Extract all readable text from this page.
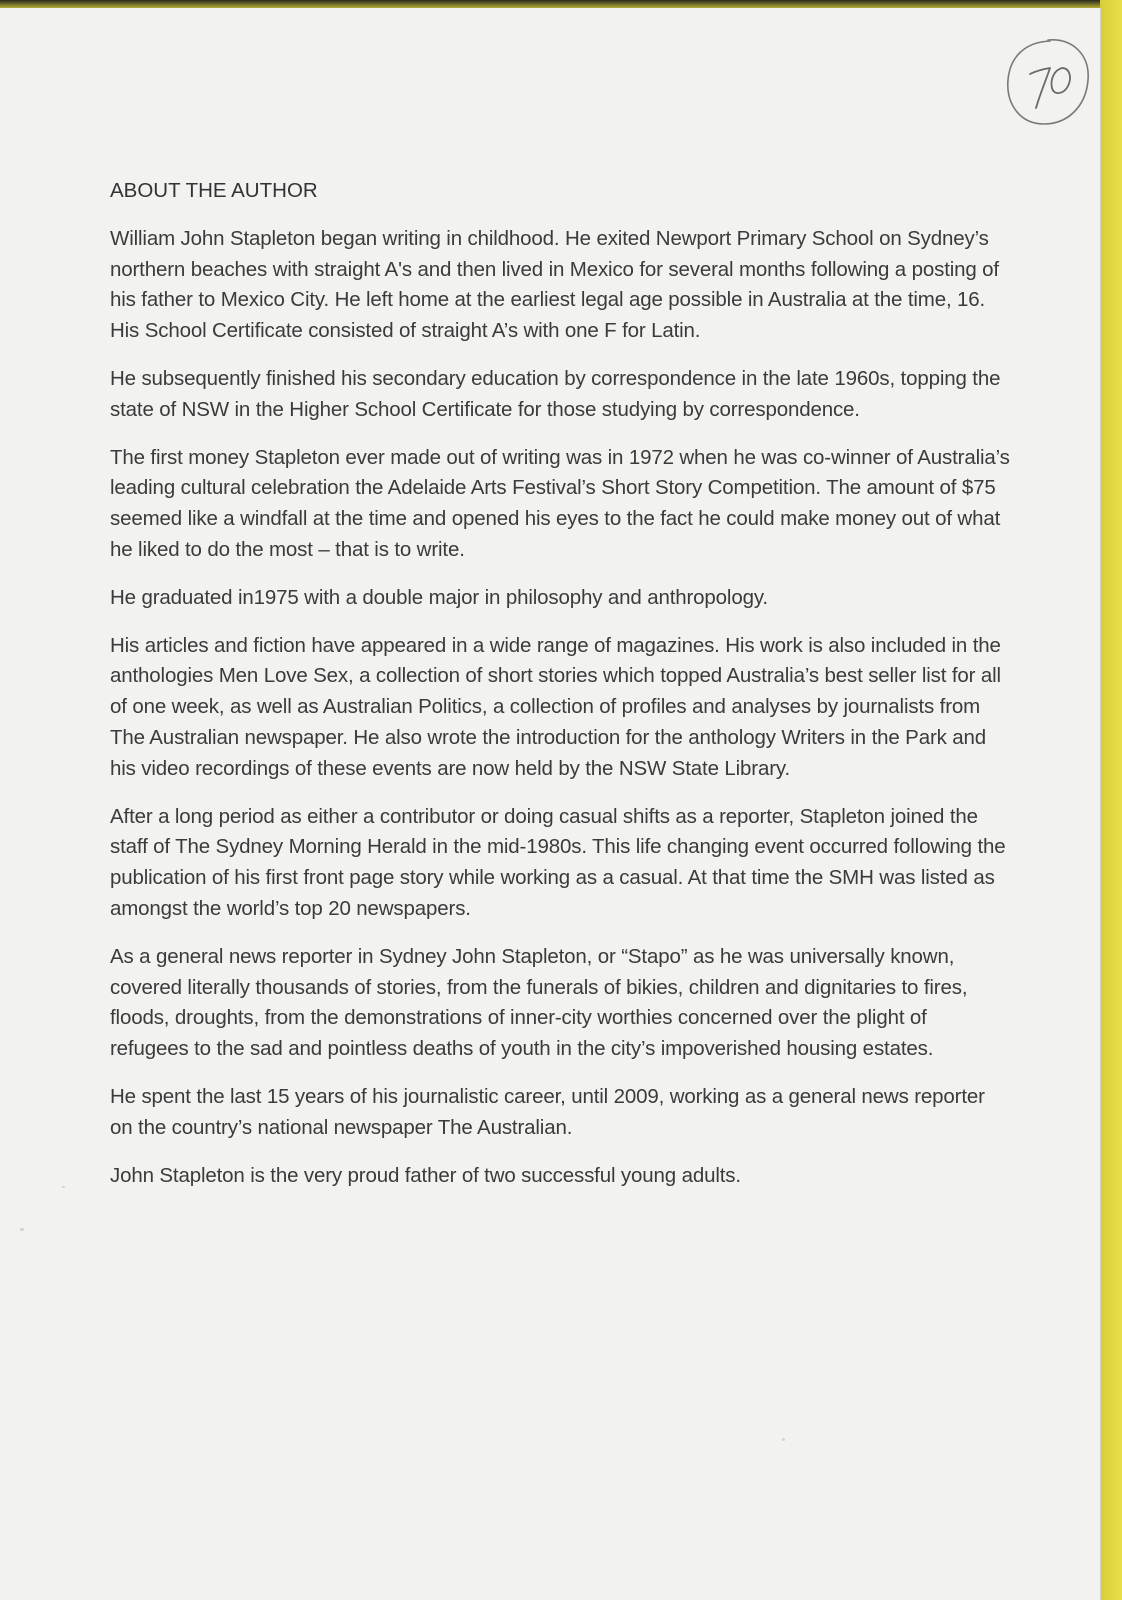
ABOUT THE AUTHOR

William John Stapleton began writing in childhood. He exited Newport Primary School on Sydney’s northern beaches with straight A's and then lived in Mexico for several months following a posting of his father to Mexico City. He left home at the earliest legal age possible in Australia at the time, 16. His School Certificate consisted of straight A’s with one F for Latin.

He subsequently finished his secondary education by correspondence in the late 1960s, topping the state of NSW in the Higher School Certificate for those studying by correspondence.

The first money Stapleton ever made out of writing was in 1972 when he was co-winner of Australia’s leading cultural celebration the Adelaide Arts Festival’s Short Story Competition. The amount of $75 seemed like a windfall at the time and opened his eyes to the fact he could make money out of what he liked to do the most – that is to write.

He graduated in1975 with a double major in philosophy and anthropology.

His articles and fiction have appeared in a wide range of magazines. His work is also included in the anthologies Men Love Sex, a collection of short stories which topped Australia’s best seller list for all of one week, as well as Australian Politics, a collection of profiles and analyses by journalists from The Australian newspaper. He also wrote the introduction for the anthology Writers in the Park and his video recordings of these events are now held by the NSW State Library.

After a long period as either a contributor or doing casual shifts as a reporter, Stapleton joined the staff of The Sydney Morning Herald in the mid-1980s. This life changing event occurred following the publication of his first front page story while working as a casual. At that time the SMH was listed as amongst the world’s top 20 newspapers.

As a general news reporter in Sydney John Stapleton, or “Stapo” as he was universally known, covered literally thousands of stories, from the funerals of bikies, children and dignitaries to fires, floods, droughts, from the demonstrations of inner-city worthies concerned over the plight of refugees to the sad and pointless deaths of youth in the city’s impoverished housing estates.

He spent the last 15 years of his journalistic career, until 2009, working as a general news reporter on the country’s national newspaper The Australian.

John Stapleton is the very proud father of two successful young adults.
